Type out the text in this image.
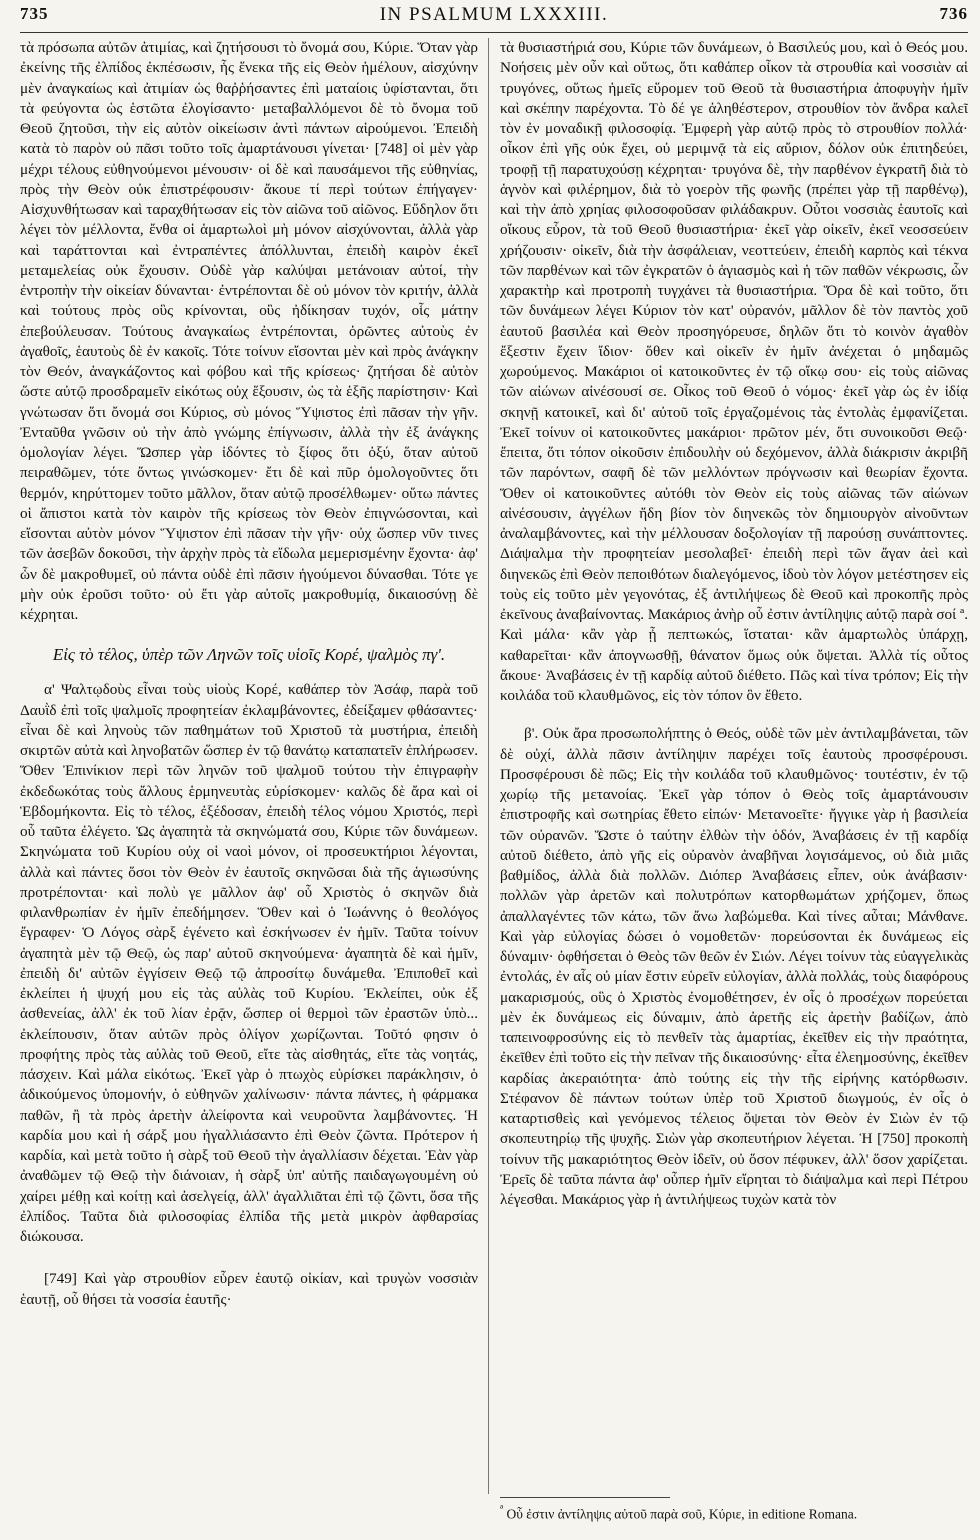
735	IN PSALMUM LXXXIII.	736

τὰ πρόσωπα αὐτῶν ἀτιμίας, καὶ ζητήσουσι τὸ ὄνομά σου, Κύριε. Ὅταν γὰρ ἐκείνης τῆς ἐλπίδος ἐκπέσωσιν, ἧς ἕνεκα τῆς εἰς Θεὸν ἡμέλουν, αἰσχύνην μὲν ἀναγκαίως καὶ ἀτιμίαν ὡς θαῤῥήσαντες ἐπὶ ματαίοις ὑφίστανται, ὅτι τὰ φεύγοντα ὡς ἑστῶτα ἐλογίσαντο· μεταβαλλόμενοι δὲ τὸ ὄνομα τοῦ Θεοῦ ζητοῦσι, τὴν εἰς αὐτὸν οἰκείωσιν ἀντὶ πάντων αἱρούμενοι. Ἐπειδὴ κατὰ τὸ παρὸν οὐ πᾶσι τοῦτο τοῖς ἁμαρτάνουσι γίνεται· [748] οἱ μὲν γὰρ μέχρι τέλους εὐθηνούμενοι μένουσιν· οἱ δὲ καὶ παυσάμενοι τῆς εὐθηνίας, πρὸς τὴν Θεὸν οὐκ ἐπιστρέφουσιν· ἄκουε τί περὶ τούτων ἐπήγαγεν· Αἰσχυνθήτωσαν καὶ ταραχθήτωσαν εἰς τὸν αἰῶνα τοῦ αἰῶνος. Εὔδηλον ὅτι λέγει τὸν μέλλοντα, ἔνθα οἱ ἁμαρτωλοὶ μὴ μόνον αἰσχύνονται, ἀλλὰ γὰρ καὶ ταράττονται καὶ ἐντραπέντες ἀπόλλυνται, ἐπειδὴ καιρὸν ἐκεῖ μεταμελείας οὐκ ἔχουσιν. Οὐδὲ γὰρ καλύψαι μετάνοιαν αὐτοί, τὴν ἐντροπὴν τὴν οἰκείαν δύνανται· ἐντρέπονται δὲ οὐ μόνον τὸν κριτήν, ἀλλὰ καὶ τούτους πρὸς οὓς κρίνονται, οὓς ἠδίκησαν τυχόν, οἷς μάτην ἐπεβούλευσαν. Τούτους ἀναγκαίως ἐντρέπονται, ὁρῶντες αὐτοὺς ἐν ἀγαθοῖς, ἑαυτοὺς δὲ ἐν κακοῖς. Τότε τοίνυν εἴσονται μὲν καὶ πρὸς ἀνάγκην τὸν Θεόν, ἀναγκάζοντος καὶ φόβου καὶ τῆς κρίσεως· ζητήσαι δὲ αὐτὸν ὥστε αὐτῷ προσδραμεῖν εἰκότως οὐχ ἕξουσιν, ὡς τὰ ἑξῆς παρίστησιν· Καὶ γνώτωσαν ὅτι ὄνομά σοι Κύριος, σὺ μόνος Ὕψιστος ἐπὶ πᾶσαν τὴν γῆν. Ἐνταῦθα γνῶσιν οὐ τὴν ἀπὸ γνώμης ἐπίγνωσιν, ἀλλὰ τὴν ἐξ ἀνάγκης ὁμολογίαν λέγει. Ὥσπερ γὰρ ἰδόντες τὸ ξίφος ὅτι ὀξύ, ὅταν αὐτοῦ πειραθῶμεν, τότε ὄντως γινώσκομεν· ἔτι δὲ καὶ πῦρ ὁμολογοῦντες ὅτι θερμόν, κηρύττομεν τοῦτο μᾶλλον, ὅταν αὐτῷ προσέλθωμεν· οὕτω πάντες οἱ ἄπιστοι κατὰ τὸν καιρὸν τῆς κρίσεως τὸν Θεὸν ἐπιγνώσονται, καὶ εἴσονται αὐτὸν μόνον Ὕψιστον ἐπὶ πᾶσαν τὴν γῆν· οὐχ ὥσπερ νῦν τινες τῶν ἀσεβῶν δοκοῦσι, τὴν ἀρχὴν πρὸς τὰ εἴδωλα μεμερισμένην ἔχοντα· ἀφ' ὧν δὲ μακροθυμεῖ, οὐ πάντα οὐδὲ ἐπὶ πᾶσιν ἡγούμενοι δύνασθαι. Τότε γε μὴν οὐκ ἐροῦσι τοῦτο· οὐ ἔτι γὰρ αὐτοῖς μακροθυμίᾳ, δικαιοσύνῃ δὲ κέχρηται.

Εἰς τὸ τέλος, ὑπὲρ τῶν Ληνῶν τοῖς υἱοῖς Κορέ, ψαλμὸς πγ'.

α' Ψαλτῳδοὺς εἶναι τοὺς υἱοὺς Κορέ, καθάπερ τὸν Ἀσάφ, παρὰ τοῦ Δαυῒδ ἐπὶ τοῖς ψαλμοῖς προφητείαν ἐκλαμβάνοντες, ἐδείξαμεν φθάσαντες· εἶναι δὲ καὶ ληνοὺς τῶν παθημάτων τοῦ Χριστοῦ τὰ μυστήρια, ἐπειδὴ σκιρτῶν αὐτὰ καὶ ληνοβατῶν ὥσπερ ἐν τῷ θανάτῳ καταπατεῖν ἐπλήρωσεν. Ὅθεν Ἐπινίκιον περὶ τῶν ληνῶν τοῦ ψαλμοῦ τούτου τὴν ἐπιγραφὴν ἐκδεδωκότας τοὺς ἄλλους ἑρμηνευτὰς εὑρίσκομεν· καλῶς δὲ ἄρα καὶ οἱ Ἑβδομήκοντα. Εἰς τὸ τέλος, ἐξέδοσαν, ἐπειδὴ τέλος νόμου Χριστός, περὶ οὗ ταῦτα ἐλέγετο. Ὡς ἀγαπητὰ τὰ σκηνώματά σου, Κύριε τῶν δυνάμεων. Σκηνώματα τοῦ Κυρίου οὐχ οἱ ναοὶ μόνον, οἱ προσευκτήριοι λέγονται, ἀλλὰ καὶ πάντες ὅσοι τὸν Θεὸν ἐν ἑαυτοῖς σκηνῶσαι διὰ τῆς ἁγιωσύνης προτρέπονται· καὶ πολὺ γε μᾶλλον ἀφ' οὗ Χριστὸς ὁ σκηνῶν διὰ φιλανθρωπίαν ἐν ἡμῖν ἐπεδήμησεν. Ὅθεν καὶ ὁ Ἰωάννης ὁ θεολόγος ἔγραφεν· Ὁ Λόγος σὰρξ ἐγένετο καὶ ἐσκήνωσεν ἐν ἡμῖν. Ταῦτα τοίνυν ἀγαπητὰ μὲν τῷ Θεῷ, ὡς παρ' αὐτοῦ σκηνούμενα· ἀγαπητὰ δὲ καὶ ἡμῖν, ἐπειδὴ δι' αὐτῶν ἐγγίσειν Θεῷ τῷ ἀπροσίτῳ δυνάμεθα. Ἐπιποθεῖ καὶ ἐκλείπει ἡ ψυχή μου εἰς τὰς αὐλὰς τοῦ Κυρίου. Ἐκλείπει, οὐκ ἐξ ἀσθενείας, ἀλλ' ἐκ τοῦ λίαν ἐρᾷν, ὥσπερ οἱ θερμοὶ τῶν ἐραστῶν ὑπὸ... ἐκλείπουσιν, ὅταν αὐτῶν πρὸς ὀλίγον χωρίζωνται. Τοῦτό φησιν ὁ προφήτης πρὸς τὰς αὐλὰς τοῦ Θεοῦ, εἴτε τὰς αἰσθητάς, εἴτε τὰς νοητάς, πάσχειν. Καὶ μάλα εἰκότως. Ἐκεῖ γὰρ ὁ πτωχὸς εὑρίσκει παράκλησιν, ὁ ἀδικούμενος ὑπομονήν, ὁ εὐθηνῶν χαλίνωσιν· πάντα πάντες, ἡ φάρμακα παθῶν, ἢ τὰ πρὸς ἀρετὴν ἀλείφοντα καὶ νευροῦντα λαμβάνοντες. Ἡ καρδία μου καὶ ἡ σάρξ μου ἠγαλλιάσαντο ἐπὶ Θεὸν ζῶντα. Πρότερον ἡ καρδία, καὶ μετὰ τοῦτο ἡ σὰρξ τοῦ Θεοῦ τὴν ἀγαλλίασιν δέχεται. Ἐὰν γὰρ ἀναθῶμεν τῷ Θεῷ τὴν διάνοιαν, ἡ σὰρξ ὑπ' αὐτῆς παιδαγωγουμένη οὐ χαίρει μέθῃ καὶ κοίτῃ καὶ ἀσελγείᾳ, ἀλλ' ἀγαλλιᾶται ἐπὶ τῷ ζῶντι, ὅσα τῆς ἐλπίδος. Ταῦτα διὰ φιλοσοφίας ἐλπίδα τῆς μετὰ μικρὸν ἀφθαρσίας διώκουσα.

[749] Καὶ γὰρ στρουθίον εὗρεν ἑαυτῷ οἰκίαν, καὶ τρυγὼν νοσσιὰν ἑαυτῇ, οὗ θήσει τὰ νοσσία ἑαυτῆς·

τὰ θυσιαστήριά σου, Κύριε τῶν δυνάμεων, ὁ Βασιλεύς μου, καὶ ὁ Θεός μου. Νοήσεις μὲν οὖν καὶ οὕτως, ὅτι καθάπερ οἶκον τὰ στρουθία καὶ νοσσιὰν αἱ τρυγόνες, οὕτως ἡμεῖς εὕρομεν τοῦ Θεοῦ τὰ θυσιαστήρια ἀποφυγὴν ἡμῖν καὶ σκέπην παρέχοντα. Τὸ δέ γε ἀληθέστερον, στρουθίον τὸν ἄνδρα καλεῖ τὸν ἐν μοναδικῇ φιλοσοφίᾳ. Ἐμφερὴ γὰρ αὐτῷ πρὸς τὸ στρουθίον πολλά· οἶκον ἐπὶ γῆς οὐκ ἔχει, οὐ μεριμνᾷ τὰ εἰς αὔριον, δόλον οὐκ ἐπιτηδεύει, τροφῇ τῇ παρατυχούσῃ κέχρηται· τρυγόνα δὲ, τὴν παρθένον ἐγκρατῆ διὰ τὸ ἁγνὸν καὶ φιλέρημον, διὰ τὸ γοερὸν τῆς φωνῆς (πρέπει γὰρ τῇ παρθένῳ), καὶ τὴν ἀπὸ χρηίας φιλοσοφοῦσαν φιλάδακρυν. Οὗτοι νοσσιὰς ἑαυτοῖς καὶ οἴκους εὗρον, τὰ τοῦ Θεοῦ θυσιαστήρια· ἐκεῖ γὰρ οἰκεῖν, ἐκεῖ νεοσσεύειν χρήζουσιν· οἰκεῖν, διὰ τὴν ἀσφάλειαν, νεοττεύειν, ἐπειδὴ καρπὸς καὶ τέκνα τῶν παρθένων καὶ τῶν ἐγκρατῶν ὁ ἁγιασμὸς καὶ ἡ τῶν παθῶν νέκρωσις, ὧν χαρακτὴρ καὶ προτροπὴ τυγχάνει τὰ θυσιαστήρια. Ὅρα δὲ καὶ τοῦτο, ὅτι τῶν δυνάμεων λέγει Κύριον τὸν κατ' οὐρανόν, μᾶλλον δὲ τὸν παντὸς χοῦ ἑαυτοῦ βασιλέα καὶ Θεὸν προσηγόρευσε, δηλῶν ὅτι τὸ κοινὸν ἀγαθὸν ἔξεστιν ἔχειν ἴδιον· ὅθεν καὶ οἰκεῖν ἐν ἡμῖν ἀνέχεται ὁ μηδαμῶς χωρούμενος. Μακάριοι οἱ κατοικοῦντες ἐν τῷ οἴκῳ σου· εἰς τοὺς αἰῶνας τῶν αἰώνων αἰνέσουσί σε. Οἶκος τοῦ Θεοῦ ὁ νόμος· ἐκεῖ γὰρ ὡς ἐν ἰδίᾳ σκηνῇ κατοικεῖ, καὶ δι' αὐτοῦ τοῖς ἐργαζομένοις τὰς ἐντολὰς ἐμφανίζεται. Ἐκεῖ τοίνυν οἱ κατοικοῦντες μακάριοι· πρῶτον μέν, ὅτι συνοικοῦσι Θεῷ· ἔπειτα, ὅτι τόπον οἰκοῦσιν ἐπιδουλὴν οὐ δεχόμενον, ἀλλὰ διάκρισιν ἀκριβῆ τῶν παρόντων, σαφῆ δὲ τῶν μελλόντων πρόγνωσιν καὶ θεωρίαν ἔχοντα. Ὅθεν οἱ κατοικοῦντες αὐτόθι τὸν Θεὸν εἰς τοὺς αἰῶνας τῶν αἰώνων αἰνέσουσιν, ἀγγέλων ἤδη βίον τὸν διηνεκῶς τὸν δημιουργὸν αἰνοῦντων ἀναλαμβάνοντες, καὶ τὴν μέλλουσαν δοξολογίαν τῇ παρούσῃ συνάπτοντες. Διάψαλμα τὴν προφητείαν μεσολαβεῖ· ἐπειδὴ περὶ τῶν ἄγαν ἀεὶ καὶ διηνεκῶς ἐπὶ Θεὸν πεποιθότων διαλεγόμενος, ἰδοὺ τὸν λόγον μετέστησεν εἰς τοὺς εἰς τοῦτο μὲν γεγονότας, ἐξ ἀντιλήψεως δὲ Θεοῦ καὶ προκοπῆς πρὸς ἐκεῖνους ἀναβαίνοντας. Μακάριος ἀνὴρ οὗ ἐστιν ἀντίληψις αὐτῷ παρὰ σοί ª. Καὶ μάλα· κἂν γὰρ ᾖ πεπτωκώς, ἵσταται· κἂν ἁμαρτωλὸς ὑπάρχῃ, καθαρεῖται· κἂν ἀπογνωσθῇ, θάνατον ὅμως οὐκ ὄψεται. Ἀλλὰ τίς οὗτος ἄκουε· Ἀναβάσεις ἐν τῇ καρδίᾳ αὐτοῦ διέθετο. Πῶς καὶ τίνα τρόπον; Εἰς τὴν κοιλάδα τοῦ κλαυθμῶνος, εἰς τὸν τόπον ὃν ἔθετο.

β'. Οὐκ ἄρα προσωπολήπτης ὁ Θεός, οὐδὲ τῶν μὲν ἀντιλαμβάνεται, τῶν δὲ οὐχί, ἀλλὰ πᾶσιν ἀντίληψιν παρέχει τοῖς ἑαυτοὺς προσφέρουσι. Προσφέρουσι δὲ πῶς; Εἰς τὴν κοιλάδα τοῦ κλαυθμῶνος· τουτέστιν, ἐν τῷ χωρίῳ τῆς μετανοίας. Ἐκεῖ γὰρ τόπον ὁ Θεὸς τοῖς ἁμαρτάνουσιν ἐπιστροφῆς καὶ σωτηρίας ἔθετο εἰπών· Μετανοεῖτε· ἤγγικε γὰρ ἡ βασιλεία τῶν οὐρανῶν. Ὥστε ὁ ταύτην ἐλθὼν τὴν ὁδόν, Ἀναβάσεις ἐν τῇ καρδίᾳ αὐτοῦ διέθετο, ἀπὸ γῆς εἰς οὐρανὸν ἀναβῆναι λογισάμενος, οὐ διὰ μιᾶς βαθμίδος, ἀλλὰ διὰ πολλῶν. Διόπερ Ἀναβάσεις εἶπεν, οὐκ ἀνάβασιν· πολλῶν γὰρ ἀρετῶν καὶ πολυτρόπων κατορθωμάτων χρήζομεν, ὅπως ἀπαλλαγέντες τῶν κάτω, τῶν ἄνω λαβώμεθα. Καὶ τίνες αὗται; Μάνθανε. Καὶ γὰρ εὐλογίας δώσει ὁ νομοθετῶν· πορεύσονται ἐκ δυνάμεως εἰς δύναμιν· ὀφθήσεται ὁ Θεὸς τῶν θεῶν ἐν Σιών. Λέγει τοίνυν τὰς εὐαγγελικὰς ἐντολάς, ἐν αἷς οὐ μίαν ἔστιν εὑρεῖν εὐλογίαν, ἀλλὰ πολλάς, τοὺς διαφόρους μακαρισμούς, οὓς ὁ Χριστὸς ἐνομοθέτησεν, ἐν οἷς ὁ προσέχων πορεύεται μὲν ἐκ δυνάμεως εἰς δύναμιν, ἀπὸ ἀρετῆς εἰς ἀρετὴν βαδίζων, ἀπὸ ταπεινοφροσύνης εἰς τὸ πενθεῖν τὰς ἁμαρτίας, ἐκεῖθεν εἰς τὴν πραότητα, ἐκεῖθεν ἐπὶ τοῦτο εἰς τὴν πεῖναν τῆς δικαιοσύνης· εἶτα ἐλεημοσύνης, ἐκεῖθεν καρδίας ἀκεραιότητα· ἀπὸ τούτης εἰς τὴν τῆς εἰρήνης κατόρθωσιν. Στέφανον δὲ πάντων τούτων ὑπὲρ τοῦ Χριστοῦ διωγμούς, ἐν οἷς ὁ καταρτισθεὶς καὶ γενόμενος τέλειος ὄψεται τὸν Θεὸν ἐν Σιὼν ἐν τῷ σκοπευτηρίῳ τῆς ψυχῆς. Σιὼν γὰρ σκοπευτήριον λέγεται. Ἡ [750] προκοπὴ τοίνυν τῆς μακαριότητος Θεὸν ἰδεῖν, οὐ ὅσον πέφυκεν, ἀλλ' ὅσον χαρίζεται. Ἐρεῖς δὲ ταῦτα πάντα ἀφ' οὗπερ ἡμῖν εἴρηται τὸ διάψαλμα καὶ περὶ Πέτρου λέγεσθαι. Μακάριος γὰρ ἡ ἀντιλήψεως τυχὼν κατὰ τὸν

$^ª$ Οὗ ἐστιν ἀντίληψις αὐτοῦ παρὰ σοῦ, Κύριε, in editione Romana.
